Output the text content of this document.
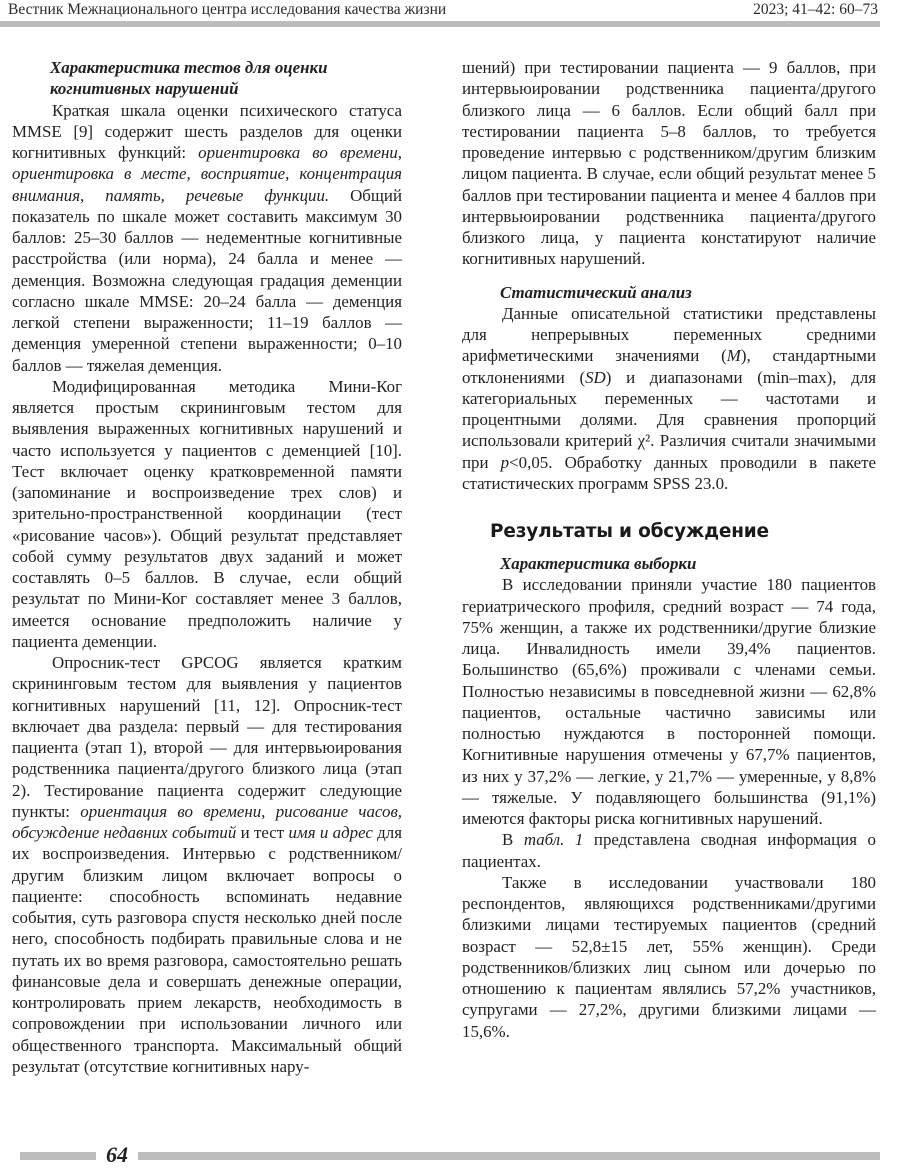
Вестник Межнационального центра исследования качества жизни	2023; 41–42: 60–73
Характеристика тестов для оценки
когнитивных нарушений

Краткая шкала оценки психического статуса MMSE [9] содержит шесть разделов для оценки когнитивных функций: ориентировка во времени, ориентировка в месте, восприятие, концентрация внимания, память, речевые функции. Общий показатель по шкале может составить максимум 30 баллов: 25–30 баллов — недементные когнитивные расстройства (или норма), 24 балла и менее — деменция. Возможна следующая градация деменции согласно шкале MMSE: 20–24 балла — деменция легкой степени выраженности; 11–19 баллов — деменция умеренной степени выраженности; 0–10 баллов — тяжелая деменция.

Модифицированная методика Мини-Ког является простым скрининговым тестом для выявления выраженных когнитивных нарушений и часто используется у пациентов с деменцией [10]. Тест включает оценку кратковременной памяти (запоминание и воспроизведение трех слов) и зрительно-пространственной координации (тест «рисование часов»). Общий результат представляет собой сумму результатов двух заданий и может составлять 0–5 баллов. В случае, если общий результат по Мини-Ког составляет менее 3 баллов, имеется основание предположить наличие у пациента деменции.

Опросник-тест GPCOG является кратким скрининговым тестом для выявления у пациентов когнитивных нарушений [11, 12]. Опросник-тест включает два раздела: первый — для тестирования пациента (этап 1), второй — для интервьюирования родственника пациента/другого близкого лица (этап 2). Тестирование пациента содержит следующие пункты: ориентация во времени, рисование часов, обсуждение недавних событий и тест имя и адрес для их воспроизведения. Интервью с родственником/другим близким лицом включает вопросы о пациенте: способность вспоминать недавние события, суть разговора спустя несколько дней после него, способность подбирать правильные слова и не путать их во время разговора, самостоятельно решать финансовые дела и совершать денежные операции, контролировать прием лекарств, необходимость в сопровождении при использовании личного или общественного транспорта. Максимальный общий результат (отсутствие когнитивных нару-

шений) при тестировании пациента — 9 баллов, при интервьюировании родственника пациента/другого близкого лица — 6 баллов. Если общий балл при тестировании пациента 5–8 баллов, то требуется проведение интервью с родственником/другим близким лицом пациента. В случае, если общий результат менее 5 баллов при тестировании пациента и менее 4 баллов при интервьюировании родственника пациента/другого близкого лица, у пациента констатируют наличие когнитивных нарушений.

Статистический анализ

Данные описательной статистики представлены для непрерывных переменных средними арифметическими значениями (M), стандартными отклонениями (SD) и диапазонами (min–max), для категориальных переменных — частотами и процентными долями. Для сравнения пропорций использовали критерий χ². Различия считали значимыми при p<0,05. Обработку данных проводили в пакете статистических программ SPSS 23.0.

Результаты и обсуждение
Характеристика выборки

В исследовании приняли участие 180 пациентов гериатрического профиля, средний возраст — 74 года, 75% женщин, а также их родственники/другие близкие лица. Инвалидность имели 39,4% пациентов. Большинство (65,6%) проживали с членами семьи. Полностью независимы в повседневной жизни — 62,8% пациентов, остальные частично зависимы или полностью нуждаются в посторонней помощи. Когнитивные нарушения отмечены у 67,7% пациентов, из них у 37,2% — легкие, у 21,7% — умеренные, у 8,8% — тяжелые. У подавляющего большинства (91,1%) имеются факторы риска когнитивных нарушений.

В табл. 1 представлена сводная информация о пациентах.

Также в исследовании участвовали 180 респондентов, являющихся родственниками/другими близкими лицами тестируемых пациентов (средний возраст — 52,8±15 лет, 55% женщин). Среди родственников/близких лиц сыном или дочерью по отношению к пациентам являлись 57,2% участников, супругами — 27,2%, другими близкими лицами — 15,6%.

64
